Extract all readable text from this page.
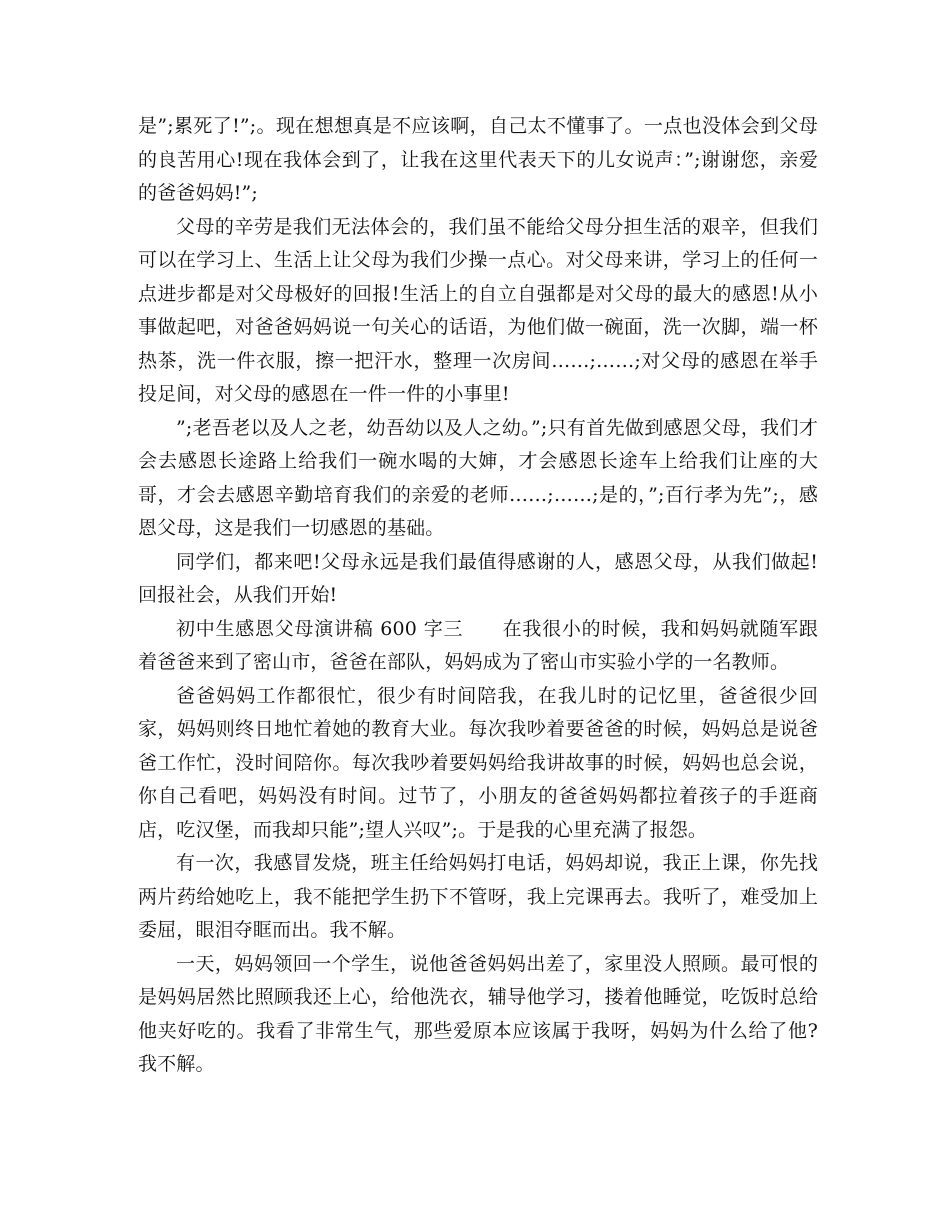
是”;累死了!”;。现在想想真是不应该啊，自己太不懂事了。一点也没体会到父母的良苦用心!现在我体会到了，让我在这里代表天下的儿女说声：”;谢谢您，亲爱的爸爸妈妈!”;

父母的辛劳是我们无法体会的，我们虽不能给父母分担生活的艰辛，但我们可以在学习上、生活上让父母为我们少操一点心。对父母来讲，学习上的任何一点进步都是对父母极好的回报!生活上的自立自强都是对父母的最大的感恩!从小事做起吧，对爸爸妈妈说一句关心的话语，为他们做一碗面，洗一次脚，端一杯热茶，洗一件衣服，擦一把汗水，整理一次房间……;……;对父母的感恩在举手投足间，对父母的感恩在一件一件的小事里!

”;老吾老以及人之老，幼吾幼以及人之幼。”;只有首先做到感恩父母，我们才会去感恩长途路上给我们一碗水喝的大婶，才会感恩长途车上给我们让座的大哥，才会去感恩辛勤培育我们的亲爱的老师……;……;是的，”;百行孝为先”;，感恩父母，这是我们一切感恩的基础。

同学们，都来吧!父母永远是我们最值得感谢的人，感恩父母，从我们做起!回报社会，从我们开始!

初中生感恩父母演讲稿 600 字三　　在我很小的时候，我和妈妈就随军跟着爸爸来到了密山市，爸爸在部队，妈妈成为了密山市实验小学的一名教师。

爸爸妈妈工作都很忙，很少有时间陪我，在我儿时的记忆里，爸爸很少回家，妈妈则终日地忙着她的教育大业。每次我吵着要爸爸的时候，妈妈总是说爸爸工作忙，没时间陪你。每次我吵着要妈妈给我讲故事的时候，妈妈也总会说，你自己看吧，妈妈没有时间。过节了，小朋友的爸爸妈妈都拉着孩子的手逛商店，吃汉堡，而我却只能”;望人兴叹”;。于是我的心里充满了报怨。

有一次，我感冒发烧，班主任给妈妈打电话，妈妈却说，我正上课，你先找两片药给她吃上，我不能把学生扔下不管呀，我上完课再去。我听了，难受加上委屈，眼泪夺眶而出。我不解。

一天，妈妈领回一个学生，说他爸爸妈妈出差了，家里没人照顾。最可恨的是妈妈居然比照顾我还上心，给他洗衣，辅导他学习，搂着他睡觉，吃饭时总给他夹好吃的。我看了非常生气，那些爱原本应该属于我呀，妈妈为什么给了他?我不解。
